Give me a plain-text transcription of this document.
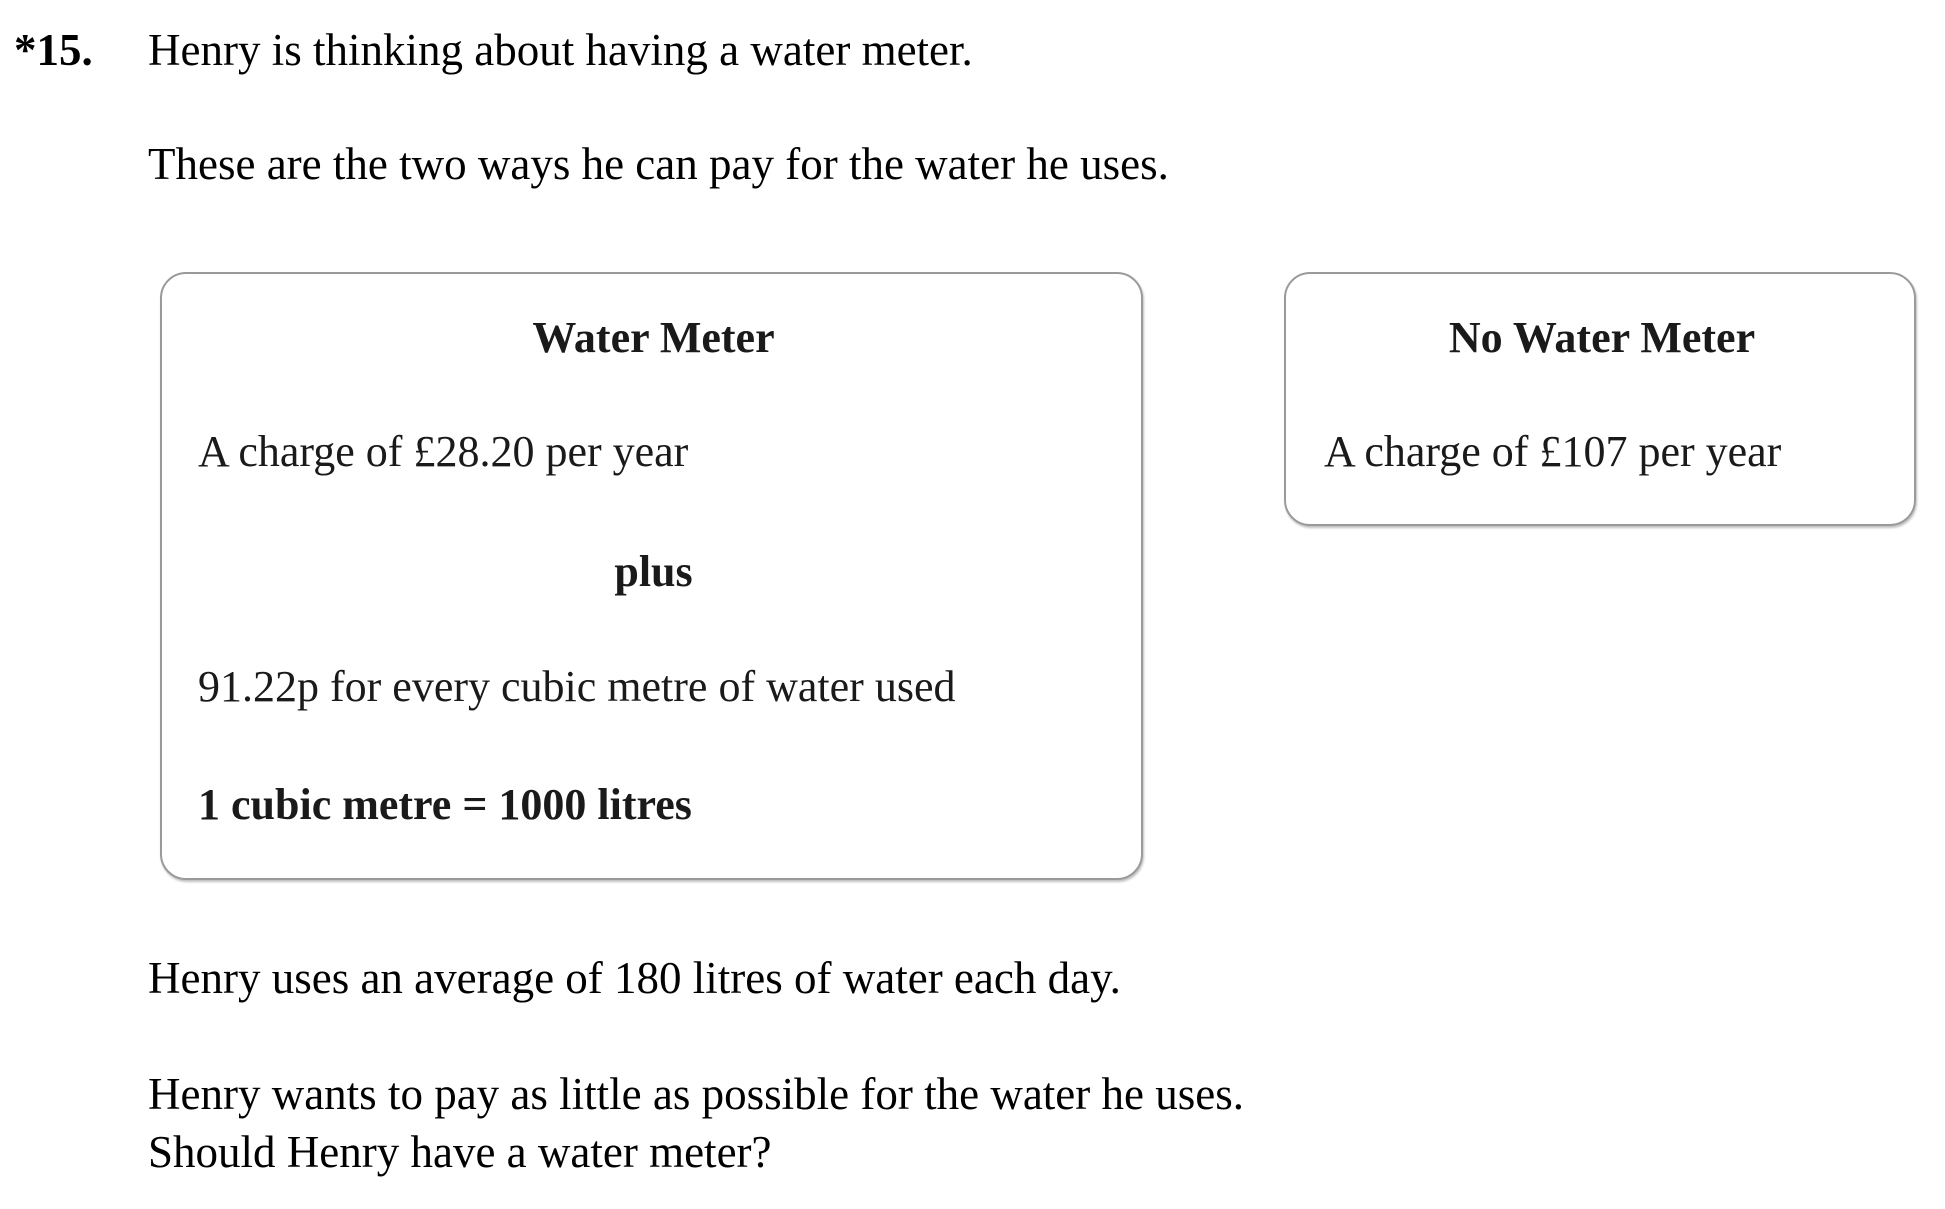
*15. Henry is thinking about having a water meter.
These are the two ways he can pay for the water he uses.
Water Meter
A charge of £28.20 per year
plus
91.22p for every cubic metre of water used
1 cubic metre = 1000 litres
No Water Meter
A charge of £107 per year
Henry uses an average of 180 litres of water each day.
Henry wants to pay as little as possible for the water he uses.
Should Henry have a water meter?
